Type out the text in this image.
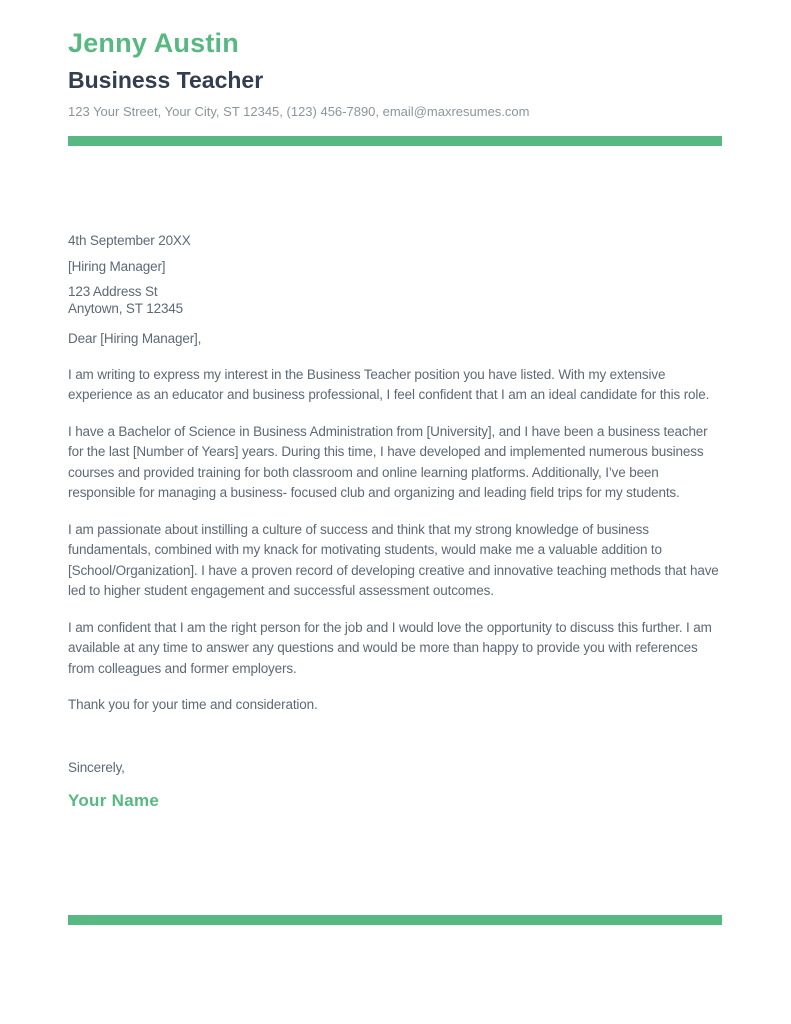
Jenny Austin
Business Teacher

123 Your Street, Your City, ST 12345, (123) 456-7890, email@maxresumes.com

4th September 20XX

[Hiring Manager]

123 Address St
Anytown, ST 12345

Dear [Hiring Manager],

I am writing to express my interest in the Business Teacher position you have listed. With my extensive experience as an educator and business professional, I feel confident that I am an ideal candidate for this role.

I have a Bachelor of Science in Business Administration from [University], and I have been a business teacher for the last [Number of Years] years. During this time, I have developed and implemented numerous business courses and provided training for both classroom and online learning platforms. Additionally, I’ve been responsible for managing a business- focused club and organizing and leading field trips for my students.

I am passionate about instilling a culture of success and think that my strong knowledge of business fundamentals, combined with my knack for motivating students, would make me a valuable addition to [School/Organization]. I have a proven record of developing creative and innovative teaching methods that have led to higher student engagement and successful assessment outcomes.

I am confident that I am the right person for the job and I would love the opportunity to discuss this further. I am available at any time to answer any questions and would be more than happy to provide you with references from colleagues and former employers.

Thank you for your time and consideration.

Sincerely,

Your Name
